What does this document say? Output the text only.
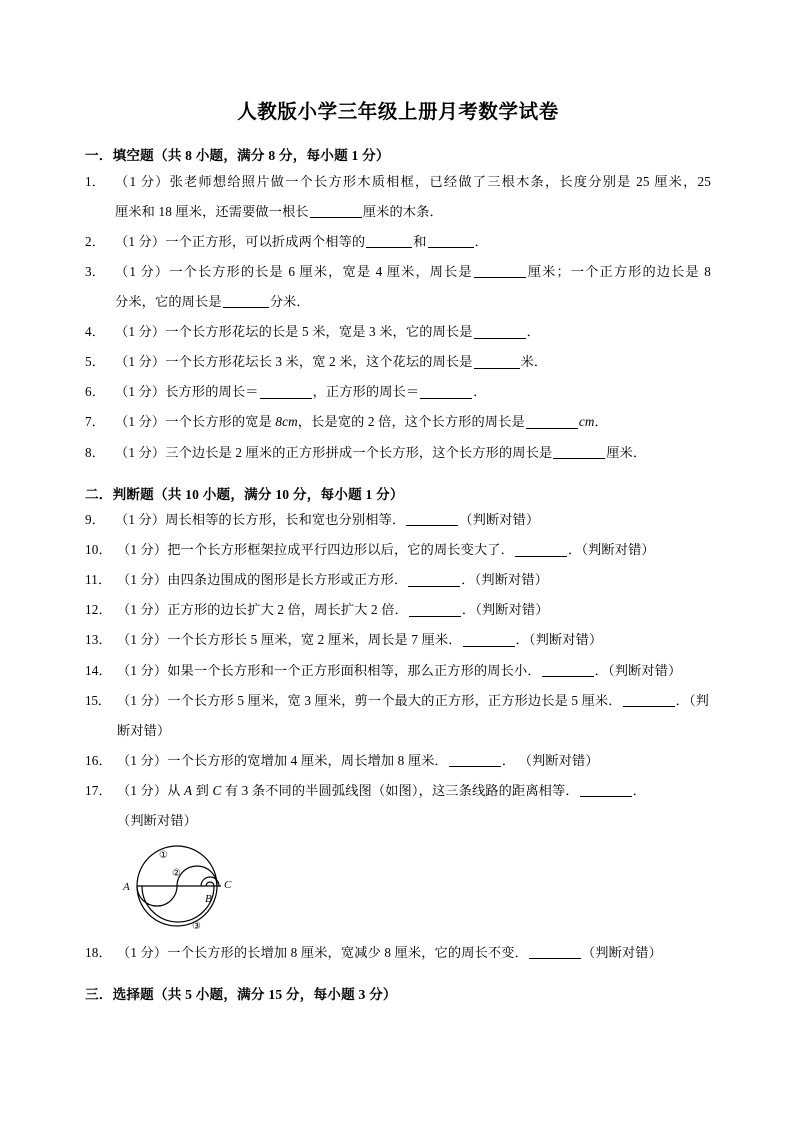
人教版小学三年级上册月考数学试卷
一．填空题（共 8 小题，满分 8 分，每小题 1 分）
1． （1 分）张老师想给照片做一个长方形木质相框，已经做了三根木条，长度分别是 25 厘米，25
厘米和 18 厘米，还需要做一根长	厘米的木条．
2． （1 分）一个正方形，可以折成两个相等的	和	．
3． （1 分）一个长方形的长是 6 厘米，宽是 4 厘米，周长是	厘米；一个正方形的边长是 8
分米，它的周长是	分米．
4． （1 分）一个长方形花坛的长是 5 米，宽是 3 米，它的周长是	．
5． （1 分）一个长方形花坛长 3 米，宽 2 米，这个花坛的周长是	米．
6． （1 分）长方形的周长＝	，正方形的周长＝	．
7． （1 分）一个长方形的宽是 8cm，长是宽的 2 倍，这个长方形的周长是	cm．
8． （1 分）三个边长是 2 厘米的正方形拼成一个长方形，这个长方形的周长是	厘米．
二．判断题（共 10 小题，满分 10 分，每小题 1 分）
9． （1 分）周长相等的长方形，长和宽也分别相等．	（判断对错）
10． （1 分）把一个长方形框架拉成平行四边形以后，它的周长变大了．	．（判断对错）
11． （1 分）由四条边围成的图形是长方形或正方形．	．（判断对错）
12． （1 分）正方形的边长扩大 2 倍，周长扩大 2 倍．	．（判断对错）
13． （1 分）一个长方形长 5 厘米，宽 2 厘米，周长是 7 厘米．	．（判断对错）
14． （1 分）如果一个长方形和一个正方形面积相等，那么正方形的周长小．	．（判断对错）
15． （1 分）一个长方形 5 厘米，宽 3 厘米，剪一个最大的正方形，正方形边长是 5 厘米．	．（判
断对错）
16． （1 分）一个长方形的宽增加 4 厘米，周长增加 8 厘米．	． （判断对错）
17． （1 分）从 A 到 C 有 3 条不同的半圆弧线图（如图），这三条线路的距离相等．	．
（判断对错）
A
B
C
①
②
③
18． （1 分）一个长方形的长增加 8 厘米，宽减少 8 厘米，它的周长不变．	（判断对错）
三．选择题（共 5 小题，满分 15 分，每小题 3 分）
